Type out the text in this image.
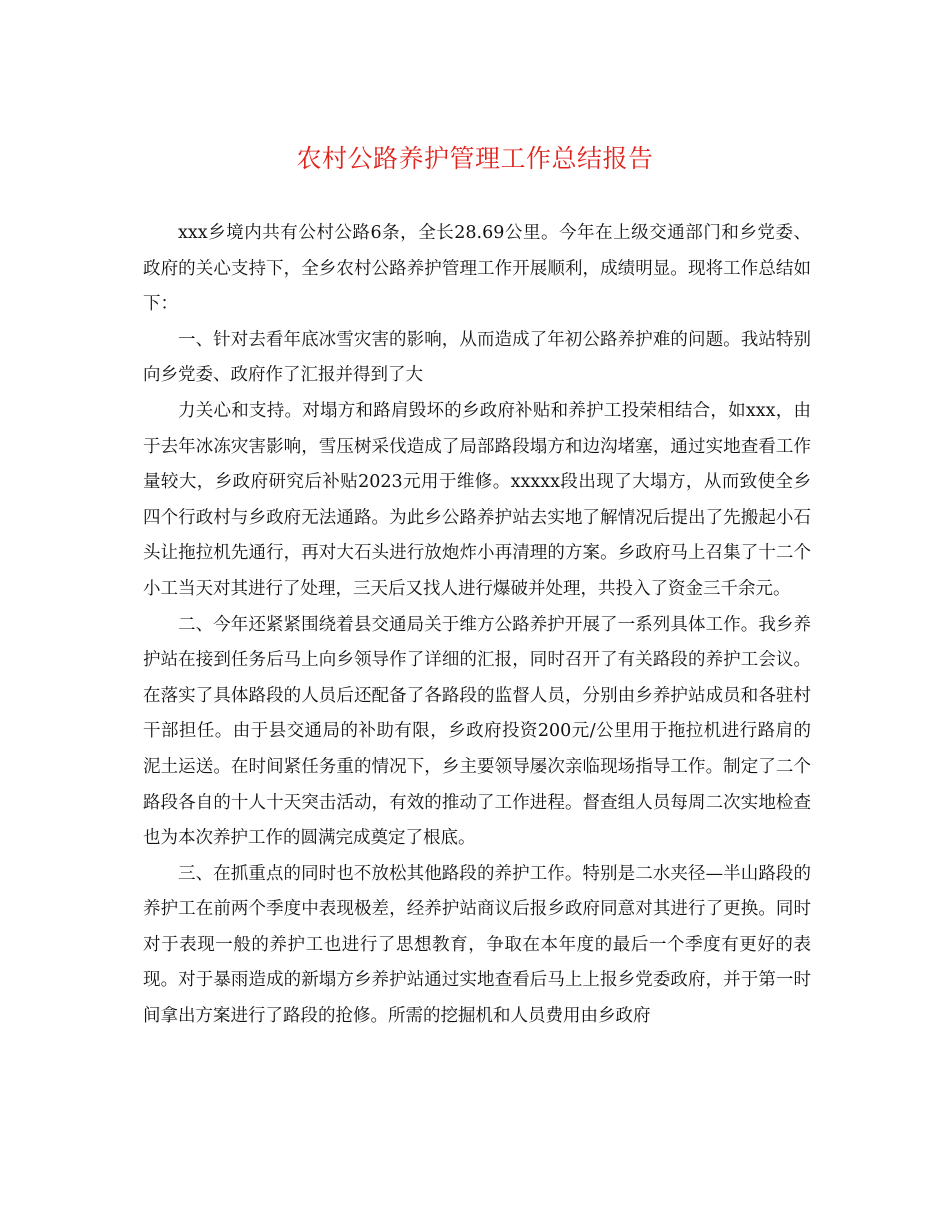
农村公路养护管理工作总结报告

xxx乡境内共有公村公路6条，全长28.69公里。今年在上级交通部门和乡党委、政府的关心支持下，全乡农村公路养护管理工作开展顺利，成绩明显。现将工作总结如下：

一、针对去看年底冰雪灾害的影响，从而造成了年初公路养护难的问题。我站特别向乡党委、政府作了汇报并得到了大

力关心和支持。对塌方和路肩毁坏的乡政府补贴和养护工投荣相结合，如xxx，由于去年冰冻灾害影响，雪压树采伐造成了局部路段塌方和边沟堵塞，通过实地查看工作量较大，乡政府研究后补贴2023元用于维修。xxxxx段出现了大塌方，从而致使全乡四个行政村与乡政府无法通路。为此乡公路养护站去实地了解情况后提出了先搬起小石头让拖拉机先通行，再对大石头进行放炮炸小再清理的方案。乡政府马上召集了十二个小工当天对其进行了处理，三天后又找人进行爆破并处理，共投入了资金三千余元。

二、今年还紧紧围绕着县交通局关于维方公路养护开展了一系列具体工作。我乡养护站在接到任务后马上向乡领导作了详细的汇报，同时召开了有关路段的养护工会议。在落实了具体路段的人员后还配备了各路段的监督人员，分别由乡养护站成员和各驻村干部担任。由于县交通局的补助有限，乡政府投资200元/公里用于拖拉机进行路肩的泥土运送。在时间紧任务重的情况下，乡主要领导屡次亲临现场指导工作。制定了二个路段各自的十人十天突击活动，有效的推动了工作进程。督查组人员每周二次实地检查也为本次养护工作的圆满完成奠定了根底。

三、在抓重点的同时也不放松其他路段的养护工作。特别是二水夹径—半山路段的养护工在前两个季度中表现极差，经养护站商议后报乡政府同意对其进行了更换。同时对于表现一般的养护工也进行了思想教育，争取在本年度的最后一个季度有更好的表现。对于暴雨造成的新塌方乡养护站通过实地查看后马上上报乡党委政府，并于第一时间拿出方案进行了路段的抢修。所需的挖掘机和人员费用由乡政府
